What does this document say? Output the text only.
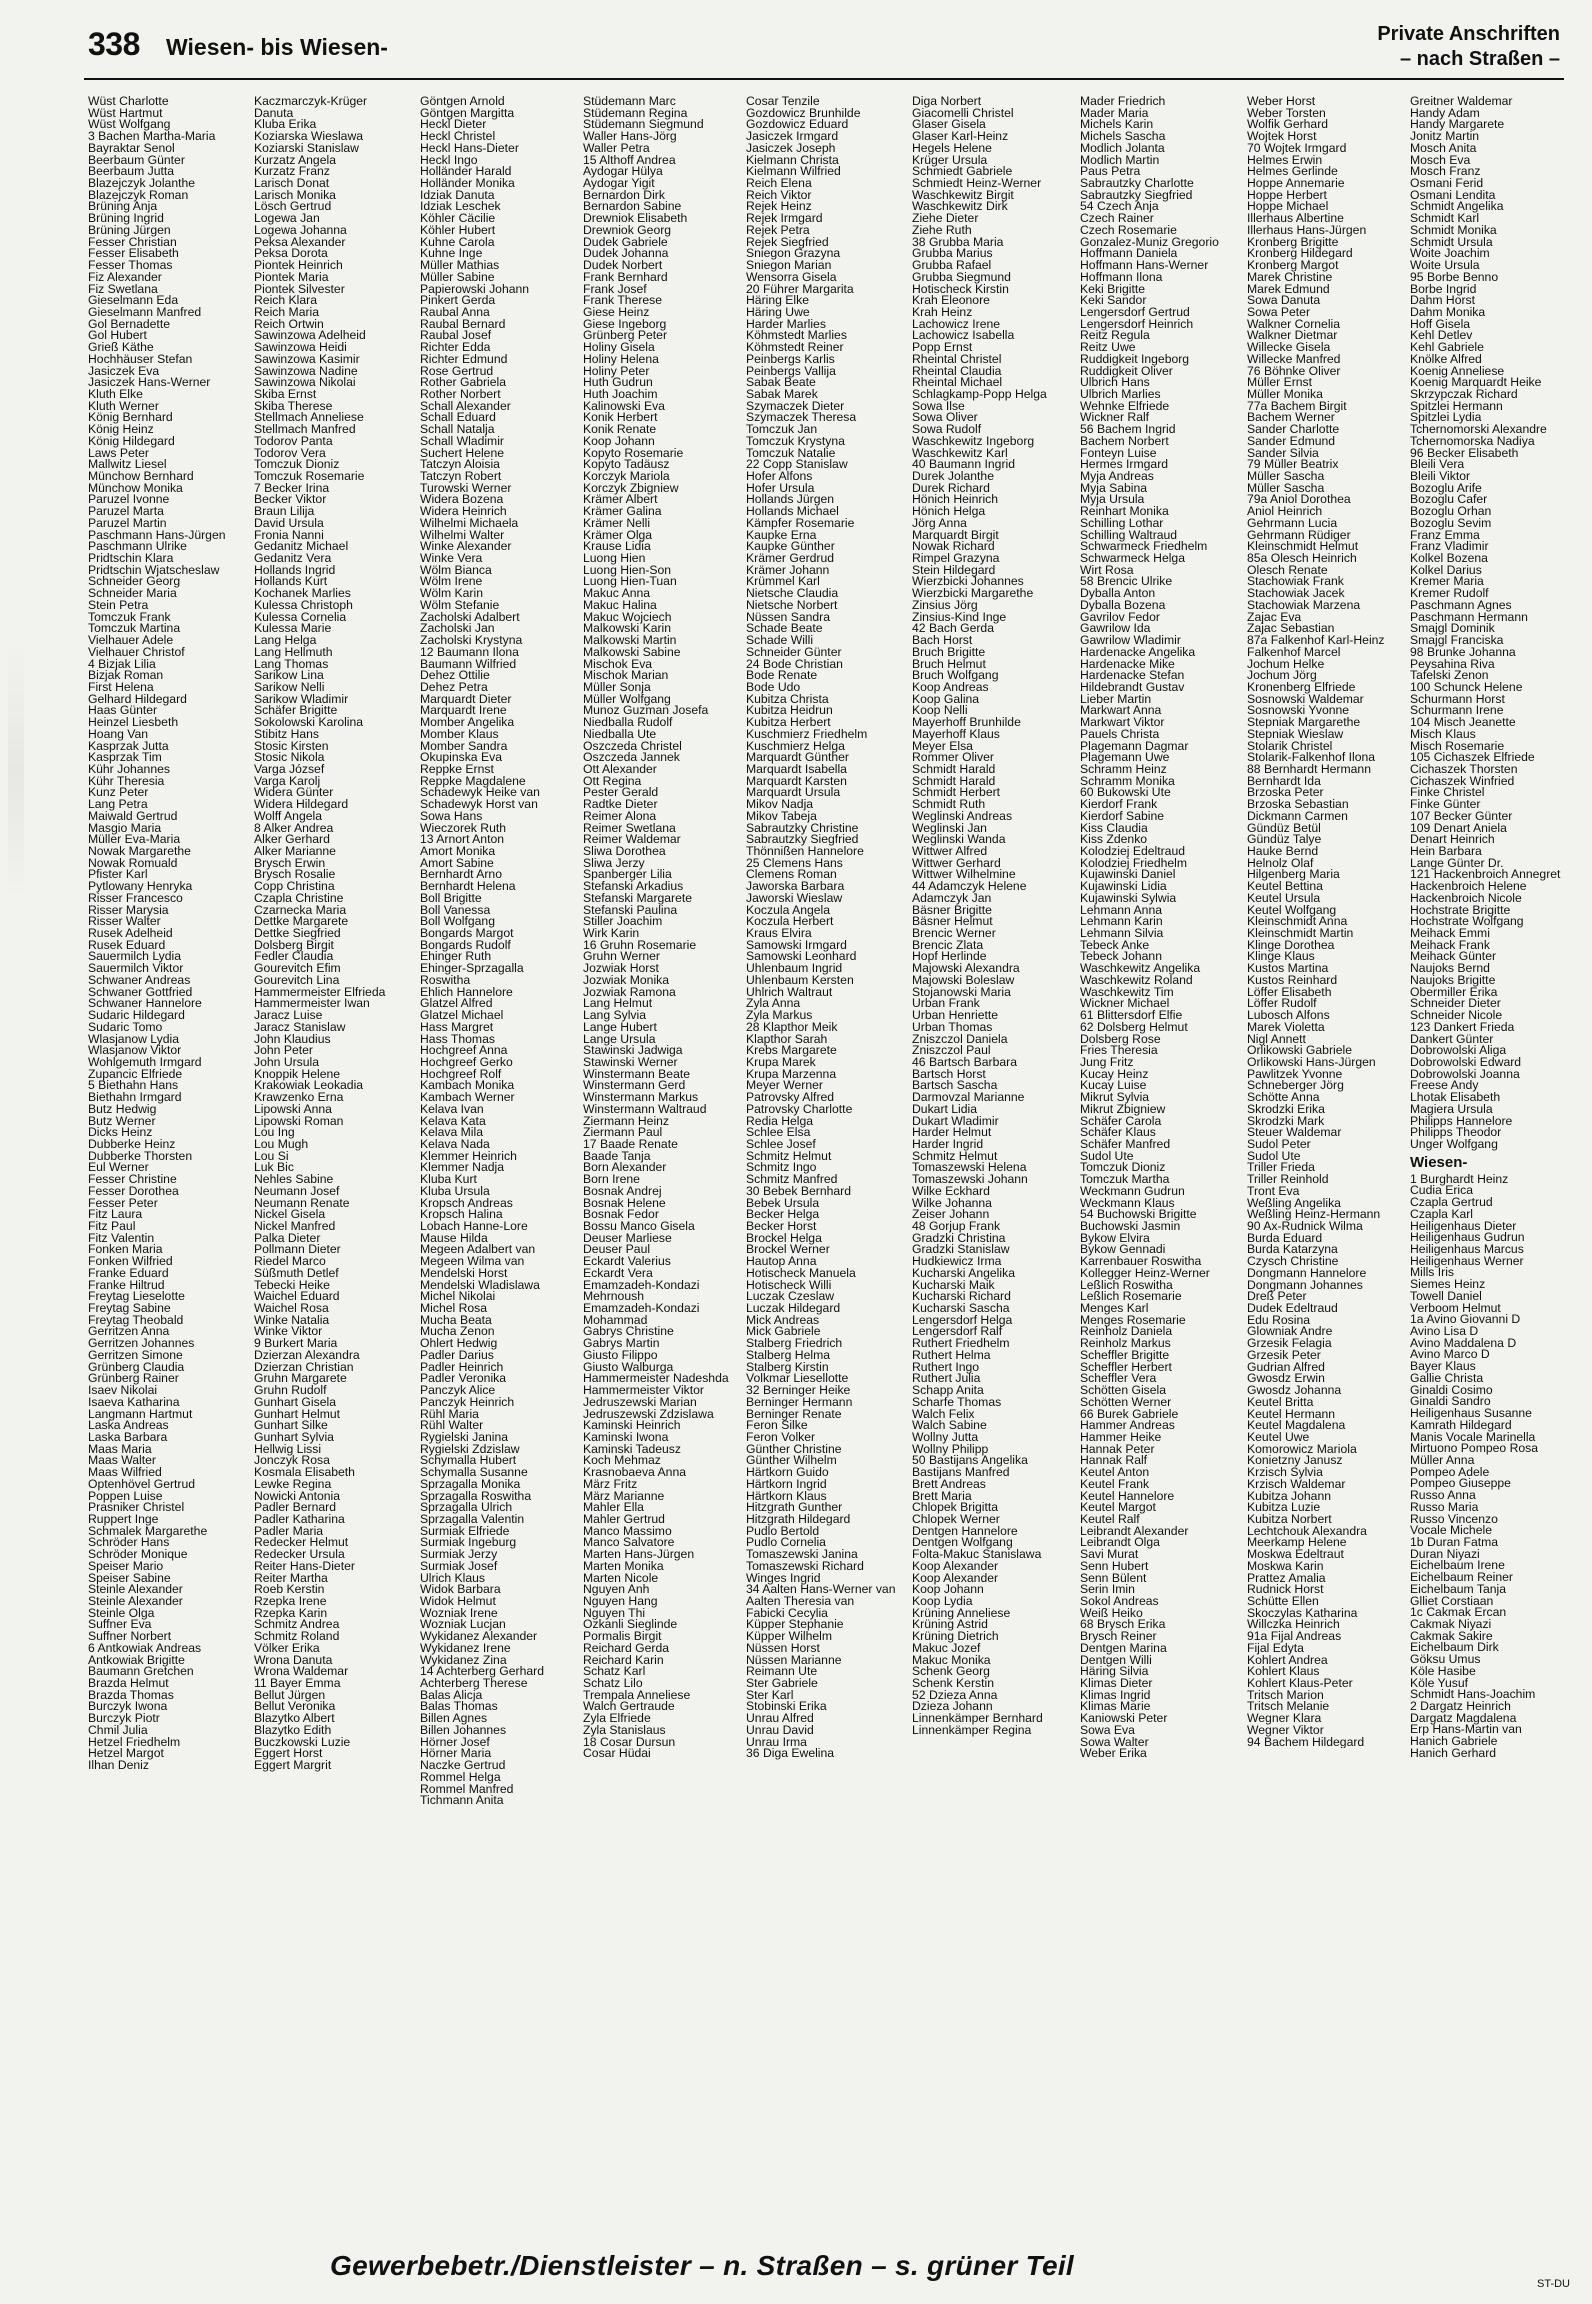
338 Wiesen- bis Wiesen-	Private Anschriften
– nach Straßen –
Wüst Charlotte
Wüst Hartmut
Wüst Wolfgang
3 Bachen Martha-Maria
Bayraktar Senol
Beerbaum Günter
Beerbaum Jutta
Blazejczyk Jolanthe
Blazejczyk Roman
Brüning Anja
Brüning Ingrid
Brüning Jürgen
Fesser Christian
Fesser Elisabeth
Fesser Thomas
Fiz Alexander
Fiz Swetlana
Gieselmann Eda
Gieselmann Manfred
Gol Bernadette
Gol Hubert
Grieß Käthe
Hochhäuser Stefan
Jasiczek Eva
Jasiczek Hans-Werner
Kluth Elke
Kluth Werner
König Bernhard
König Heinz
König Hildegard
Laws Peter
Mallwitz Liesel
Münchow Bernhard
Münchow Monika
Paruzel Ivonne
Paruzel Marta
Paruzel Martin
Paschmann Hans-Jürgen
Paschmann Ulrike
Pridtschin Klara
Pridtschin Wjatscheslaw
Schneider Georg
Schneider Maria
Stein Petra
Tomczuk Frank
Tomczuk Martina
Vielhauer Adele
Vielhauer Christof
4 Bizjak Lilia
Bizjak Roman
First Helena
Gelhard Hildegard
Haas Günter
Heinzel Liesbeth
Hoang Van
Kasprzak Jutta
Kasprzak Tim
Kühr Johannes
Kühr Theresia
Kunz Peter
Lang Petra
Maiwald Gertrud
Masgio Maria
Müller Eva-Maria
Nowak Margarethe
Nowak Romuald
Pfister Karl
Pytlowany Henryka
Risser Francesco
Risser Marysia
Risser Walter
Rusek Adelheid
Rusek Eduard
Sauermilch Lydia
Sauermilch Viktor
Schwaner Andreas
Schwaner Gottfried
Schwaner Hannelore
Sudaric Hildegard
Sudaric Tomo
Wlasjanow Lydia
Wlasjanow Viktor
Wohlgemuth Irmgard
Zupancic Elfriede
5 Biethahn Hans
Biethahn Irmgard
Butz Hedwig
Butz Werner
Dicks Heinz
Dubberke Heinz
Dubberke Thorsten
Eul Werner
Fesser Christine
Fesser Dorothea
Fesser Peter
Fitz Laura
Fitz Paul
Fitz Valentin
Fonken Maria
Fonken Wilfried
Franke Eduard
Franke Hiltrud
Freytag Lieselotte
Freytag Sabine
Freytag Theobald
Gerritzen Anna
Gerritzen Johannes
Gerritzen Simone
Grünberg Claudia
Grünberg Rainer
Isaev Nikolai
Isaeva Katharina
Langmann Hartmut
Laska Andreas
Laska Barbara
Maas Maria
Maas Walter
Maas Wilfried
Optenhövel Gertrud
Poppen Luise
Prasniker Christel
Ruppert Inge
Schmalek Margarethe
Schröder Hans
Schröder Monique
Speiser Mario
Speiser Sabine
Steinle Alexander
Steinle Alexander
Steinle Olga
Suffner Eva
Suffner Norbert
6 Antkowiak Andreas
Antkowiak Brigitte
Baumann Gretchen
Brazda Helmut
Brazda Thomas
Burczyk Iwona
Burczyk Piotr
Chmil Julia
Hetzel Friedhelm
Hetzel Margot
Ilhan Deniz
Kaczmarczyk-Krüger
Danuta
Kluba Erika
Koziarska Wieslawa
Koziarski Stanislaw
Kurzatz Angela
Kurzatz Franz
Larisch Donat
Larisch Monika
Lösch Gertrud
Logewa Jan
Logewa Johanna
Peksa Alexander
Peksa Dorota
Piontek Heinrich
Piontek Maria
Piontek Silvester
Reich Klara
Reich Maria
Reich Ortwin
Sawinzowa Adelheid
Sawinzowa Heidi
Sawinzowa Kasimir
Sawinzowa Nadine
Sawinzowa Nikolai
Skiba Ernst
Skiba Therese
Stellmach Anneliese
Stellmach Manfred
Todorov Panta
Todorov Vera
Tomczuk Dioniz
Tomczuk Rosemarie
7 Becker Irina
Becker Viktor
Braun Lilija
David Ursula
Fronia Nanni
Gedanitz Michael
Gedanitz Vera
Hollands Ingrid
Hollands Kurt
Kochanek Marlies
Kulessa Christoph
Kulessa Cornelia
Kulessa Marie
Lang Helga
Lang Hellmuth
Lang Thomas
Sarikow Lina
Sarikow Nelli
Sarikow Wladimir
Schäfer Brigitte
Sokolowski Karolina
Stibitz Hans
Stosic Kirsten
Stosic Nikola
Varga József
Varga Karolj
Widera Günter
Widera Hildegard
Wolff Angela
8 Alker Andrea
Alker Gerhard
Alker Marianne
Brysch Erwin
Brysch Rosalie
Copp Christina
Czapla Christine
Czarnecka Maria
Dettke Margarete
Dettke Siegfried
Dolsberg Birgit
Fedler Claudia
Gourevitch Efim
Gourevitch Lina
Hammermeister Elfrieda
Hammermeister Iwan
Jaracz Luise
Jaracz Stanislaw
John Klaudius
John Peter
John Ursula
Knoppik Helene
Krakowiak Leokadia
Krawzenko Erna
Lipowski Anna
Lipowski Roman
Lou Ing
Lou Mugh
Lou Si
Luk Bic
Nehles Sabine
Neumann Josef
Neumann Renate
Nickel Gisela
Nickel Manfred
Palka Dieter
Pollmann Dieter
Riedel Marco
Süßmuth Detlef
Tebecki Heike
Waichel Eduard
Waichel Rosa
Winke Natalia
Winke Viktor
9 Burkert Maria
Dzierzan Alexandra
Dzierzan Christian
Gruhn Margarete
Gruhn Rudolf
Gunhart Gisela
Gunhart Helmut
Gunhart Silke
Gunhart Sylvia
Hellwig Lissi
Jonczyk Rosa
Kosmala Elisabeth
Lewke Regina
Nowicki Antonia
Padler Bernard
Padler Katharina
Padler Maria
Redecker Helmut
Redecker Ursula
Reiter Hans-Dieter
Reiter Martha
Roeb Kerstin
Rzepka Irene
Rzepka Karin
Schmitz Andrea
Schmitz Roland
Völker Erika
Wrona Danuta
Wrona Waldemar
11 Bayer Emma
Bellut Jürgen
Bellut Veronika
Blazytko Albert
Blazytko Edith
Buczkowski Luzie
Eggert Horst
Eggert Margrit
Göntgen Arnold
Göntgen Margitta
Heckl Dieter
Heckl Christel
Heckl Hans-Dieter
Heckl Ingo
Holländer Harald
Holländer Monika
Idziak Danuta
Idziak Leschek
Köhler Cäcilie
Köhler Hubert
Kuhne Carola
Kuhne Inge
Müller Mathias
Müller Sabine
Papierowski Johann
Pinkert Gerda
Raubal Anna
Raubal Bernard
Raubal Josef
Richter Edda
Richter Edmund
Rose Gertrud
Rother Gabriela
Rother Norbert
Schall Alexander
Schall Eduard
Schall Natalja
Schall Wladimir
Suchert Helene
Tatczyn Aloisia
Tatczyn Robert
Turowski Werner
Widera Bozena
Widera Heinrich
Wilhelmi Michaela
Wilhelmi Walter
Winke Alexander
Winke Vera
Wölm Bianca
Wölm Irene
Wölm Karin
Wölm Stefanie
Zacholski Adalbert
Zacholski Jan
Zacholski Krystyna
12 Baumann Ilona
Baumann Wilfried
Dehez Ottilie
Dehez Petra
Marquardt Dieter
Marquardt Irene
Momber Angelika
Momber Klaus
Momber Sandra
Okupinska Eva
Reppke Ernst
Reppke Magdalene
Schadewyk Heike van
Schadewyk Horst van
Sowa Hans
Wieczorek Ruth
13 Arnort Anton
Amort Monika
Amort Sabine
Bernhardt Arno
Bernhardt Helena
Boll Brigitte
Boll Vanessa
Boll Wolfgang
Bongards Margot
Bongards Rudolf
Ehinger Ruth
Ehinger-Sprzagalla
Roswitha
Ehlich Hannelore
Glatzel Alfred
Glatzel Michael
Hass Margret
Hass Thomas
Hochgreef Anna
Hochgreef Gerko
Hochgreef Rolf
Kambach Monika
Kambach Werner
Kelava Ivan
Kelava Kata
Kelava Mila
Kelava Nada
Klemmer Heinrich
Klemmer Nadja
Kluba Kurt
Kluba Ursula
Kropsch Andreas
Kropsch Halina
Lobach Hanne-Lore
Mause Hilda
Megeen Adalbert van
Megeen Wilma van
Mendelski Horst
Mendelski Wladislawa
Michel Nikolai
Michel Rosa
Mucha Beata
Mucha Zenon
Ohlert Hedwig
Padler Darius
Padler Heinrich
Padler Veronika
Panczyk Alice
Panczyk Heinrich
Rühl Maria
Rühl Walter
Rygielski Janina
Rygielski Zdzislaw
Schymalla Hubert
Schymalla Susanne
Sprzagalla Monika
Sprzagalla Roswitha
Sprzagalla Ulrich
Sprzagalla Valentin
Surmiak Elfriede
Surmiak Ingeburg
Surmiak Jerzy
Surmiak Josef
Ulrich Klaus
Widok Barbara
Widok Helmut
Wozniak Irene
Wozniak Lucjan
Wykidanez Alexander
Wykidanez Irene
Wykidanez Zina
14 Achterberg Gerhard
Achterberg Therese
Balas Alicja
Balas Thomas
Billen Agnes
Billen Johannes
Hörner Josef
Hörner Maria
Naczke Gertrud
Rommel Helga
Rommel Manfred
Tichmann Anita
Stüdemann Marc
Stüdemann Regina
Stüdemann Siegmund
Waller Hans-Jörg
Waller Petra
15 Althoff Andrea
Aydogar Hülya
Aydogar Yigit
Bernardon Dirk
Bernardon Sabine
Drewniok Elisabeth
Drewniok Georg
Dudek Gabriele
Dudek Johanna
Dudek Norbert
Frank Bernhard
Frank Josef
Frank Therese
Giese Heinz
Giese Ingeborg
Grünberg Peter
Holiny Gisela
Holiny Helena
Holiny Peter
Huth Gudrun
Huth Joachim
Kalinowski Eva
Konik Herbert
Konik Renate
Koop Johann
Kopyto Rosemarie
Kopyto Tadäusz
Korczyk Mariola
Korczyk Zbigniew
Krämer Albert
Krämer Galina
Krämer Nelli
Krämer Olga
Krause Lidia
Luong Hien
Luong Hien-Son
Luong Hien-Tuan
Makuc Anna
Makuc Halina
Makuc Wojciech
Malkowski Karin
Malkowski Martin
Malkowski Sabine
Mischok Eva
Mischok Marian
Müller Sonja
Müller Wolfgang
Munoz Guzman Josefa
Niedballa Rudolf
Niedballa Ute
Oszczeda Christel
Oszczeda Jannek
Ott Alexander
Ott Regina
Pester Gerald
Radtke Dieter
Reimer Alona
Reimer Swetlana
Reimer Waldemar
Sliwa Dorothea
Sliwa Jerzy
Spanberger Lilia
Stefanski Arkadius
Stefanski Margarete
Stefanski Paulina
Stiller Joachim
Wirk Karin
16 Gruhn Rosemarie
Gruhn Werner
Jozwiak Horst
Jozwiak Monika
Jozwiak Ramona
Lang Helmut
Lang Sylvia
Lange Hubert
Lange Ursula
Stawinski Jadwiga
Stawinski Werner
Winstermann Beate
Winstermann Gerd
Winstermann Markus
Winstermann Waltraud
Ziermann Heinz
Ziermann Paul
17 Baade Renate
Baade Tanja
Born Alexander
Born Irene
Bosnak Andrej
Bosnak Helene
Bosnak Fedor
Bossu Manco Gisela
Deuser Marliese
Deuser Paul
Eckardt Valerius
Eckardt Vera
Emamzadeh-Kondazi
Mehrnoush
Emamzadeh-Kondazi
Mohammad
Gabrys Christine
Gabrys Martin
Giusto Filippo
Giusto Walburga
Hammermeister Nadeshda
Hammermeister Viktor
Jedruszewski Marian
Jedruszewski Zdzislawa
Kaminski Heinrich
Kaminski Iwona
Kaminski Tadeusz
Koch Mehmaz
Krasnobaeva Anna
März Fritz
März Marianne
Mahler Ella
Mahler Gertrud
Manco Massimo
Manco Salvatore
Marten Hans-Jürgen
Marten Monika
Marten Nicole
Nguyen Anh
Nguyen Hang
Nguyen Thi
Ozkanli Sieglinde
Pormalis Birgit
Reichard Gerda
Reichard Karin
Schatz Karl
Schatz Lilo
Trempala Anneliese
Walch Gertraude
Zyla Elfriede
Zyla Stanislaus
18 Cosar Dursun
Cosar Hüdai
Cosar Tenzile
Gozdowicz Brunhilde
Gozdowicz Eduard
Jasiczek Irmgard
Jasiczek Joseph
Kielmann Christa
Kielmann Wilfried
Reich Elena
Reich Viktor
Rejek Heinz
Rejek Irmgard
Rejek Petra
Rejek Siegfried
Sniegon Grazyna
Sniegon Marian
Wensorra Gisela
20 Führer Margarita
Häring Elke
Häring Uwe
Harder Marlies
Köhmstedt Marlies
Köhmstedt Reiner
Peinbergs Karlis
Peinbergs Vallija
Sabak Beate
Sabak Marek
Szymaczek Dieter
Szymaczek Theresa
Tomczuk Jan
Tomczuk Krystyna
Tomczuk Natalie
22 Copp Stanislaw
Hofer Alfons
Hofer Ursula
Hollands Jürgen
Hollands Michael
Kämpfer Rosemarie
Kaupke Erna
Kaupke Günther
Krämer Gerdrud
Krämer Johann
Krümmel Karl
Nietsche Claudia
Nietsche Norbert
Nüssen Sandra
Schade Beate
Schade Willi
Schneider Günter
24 Bode Christian
Bode Renate
Bode Udo
Kubitza Christa
Kubitza Heidrun
Kubitza Herbert
Kuschmierz Friedhelm
Kuschmierz Helga
Marquardt Günther
Marquardt Isabella
Marquardt Karsten
Marquardt Ursula
Mikov Nadja
Mikov Tabeja
Sabrautzky Christine
Sabrautzky Siegfried
Thönnißen Hannelore
25 Clemens Hans
Clemens Roman
Jaworska Barbara
Jaworski Wieslaw
Koczula Angela
Koczula Herbert
Kraus Elvira
Samowski Irmgard
Samowski Leonhard
Uhlenbaum Ingrid
Uhlenbaum Kersten
Uhlrich Waltraut
Zyla Anna
Zyla Markus
28 Klapthor Meik
Klapthor Sarah
Krebs Margarete
Krupa Marek
Krupa Marzenna
Meyer Werner
Patrovsky Alfred
Patrovsky Charlotte
Redia Helga
Schlee Elsa
Schlee Josef
Schmitz Helmut
Schmitz Ingo
Schmitz Manfred
30 Bebek Bernhard
Bebek Ursula
Becker Helga
Becker Horst
Brockel Helga
Brockel Werner
Hautop Anna
Hotischeck Manuela
Hotischeck Willi
Luczak Czeslaw
Luczak Hildegard
Mick Andreas
Mick Gabriele
Stalberg Friedrich
Stalberg Helma
Stalberg Kirstin
Volkmar Liesellotte
32 Berninger Heike
Berninger Hermann
Berninger Renate
Feron Silke
Feron Volker
Günther Christine
Günther Wilhelm
Härtkorn Guido
Härtkorn Ingrid
Härtkorn Klaus
Hitzgrath Gunther
Hitzgrath Hildegard
Pudlo Bertold
Pudlo Cornelia
Tomaszewski Janina
Tomaszewski Richard
Winges Ingrid
34 Aalten Hans-Werner van
Aalten Theresia van
Fabicki Cecylia
Küpper Stephanie
Küpper Wilhelm
Nüssen Horst
Nüssen Marianne
Reimann Ute
Ster Gabriele
Ster Karl
Stobinski Erika
Unrau Alfred
Unrau David
Unrau Irma
36 Diga Ewelina
Diga Norbert
Giacomelli Christel
Glaser Gisela
Glaser Karl-Heinz
Hegels Helene
Krüger Ursula
Schmiedt Gabriele
Schmiedt Heinz-Werner
Waschkewitz Birgit
Waschkewitz Dirk
Ziehe Dieter
Ziehe Ruth
38 Grubba Maria
Grubba Marius
Grubba Rafael
Grubba Siegmund
Hotischeck Kirstin
Krah Eleonore
Krah Heinz
Lachowicz Irene
Lachowicz Isabella
Popp Ernst
Rheintal Christel
Rheintal Claudia
Rheintal Michael
Schlagkamp-Popp Helga
Sowa Ilse
Sowa Oliver
Sowa Rudolf
Waschkewitz Ingeborg
Waschkewitz Karl
40 Baumann Ingrid
Durek Jolanthe
Durek Richard
Hönich Heinrich
Hönich Helga
Jörg Anna
Marquardt Birgit
Nowak Richard
Rimpel Grazyna
Stein Hildegard
Wierzbicki Johannes
Wierzbicki Margarethe
Zinsius Jörg
Zinsius-Kind Inge
42 Bach Gerda
Bach Horst
Bruch Brigitte
Bruch Helmut
Bruch Wolfgang
Koop Andreas
Koop Galina
Koop Nelli
Mayerhoff Brunhilde
Mayerhoff Klaus
Meyer Elsa
Rommer Oliver
Schmidt Harald
Schmidt Harald
Schmidt Herbert
Schmidt Ruth
Weglinski Andreas
Weglinski Jan
Weglinski Wanda
Wittwer Alfred
Wittwer Gerhard
Wittwer Wilhelmine
44 Adamczyk Helene
Adamczyk Jan
Bäsner Brigitte
Bäsner Helmut
Brencic Werner
Brencic Zlata
Hopf Herlinde
Majowski Alexandra
Majowski Boleslaw
Stojanowski Maria
Urban Frank
Urban Henriette
Urban Thomas
Zniszczol Daniela
Zniszczol Paul
46 Bartsch Barbara
Bartsch Horst
Bartsch Sascha
Darmovzal Marianne
Dukart Lidia
Dukart Wladimir
Harder Helmut
Harder Ingrid
Schmitz Helmut
Tomaszewski Helena
Tomaszewski Johann
Wilke Eckhard
Wilke Johanna
Zeiser Johann
48 Gorjup Frank
Gradzki Christina
Gradzki Stanislaw
Hudkiewicz Irma
Kucharski Angelika
Kucharski Maik
Kucharski Richard
Kucharski Sascha
Lengersdorf Helga
Lengersdorf Ralf
Ruthert Friedhelm
Ruthert Helma
Ruthert Ingo
Ruthert Julia
Schapp Anita
Scharfe Thomas
Walch Felix
Walch Sabine
Wollny Jutta
Wollny Philipp
50 Bastijans Angelika
Bastijans Manfred
Brett Andreas
Brett Maria
Chlopek Brigitta
Chlopek Werner
Dentgen Hannelore
Dentgen Wolfgang
Folta-Makuc Stanislawa
Koop Alexander
Koop Alexander
Koop Johann
Koop Lydia
Krüning Anneliese
Krüning Astrid
Krüning Dietrich
Makuc Jozef
Makuc Monika
Schenk Georg
Schenk Kerstin
52 Dzieza Anna
Dzieza Johann
Linnenkämper Bernhard
Linnenkämper Regina
Mader Friedrich
Mader Maria
Michels Karin
Michels Sascha
Modlich Jolanta
Modlich Martin
Paus Petra
Sabrautzky Charlotte
Sabrautzky Siegfried
54 Czech Anja
Czech Rainer
Czech Rosemarie
Gonzalez-Muniz Gregorio
Hoffmann Daniela
Hoffmann Hans-Werner
Hoffmann Ilona
Keki Brigitte
Keki Sandor
Lengersdorf Gertrud
Lengersdorf Heinrich
Reitz Regula
Reitz Uwe
Ruddigkeit Ingeborg
Ruddigkeit Oliver
Ulbrich Hans
Ulbrich Marlies
Wehnke Elfriede
Wickner Ralf
56 Bachem Ingrid
Bachem Norbert
Fonteyn Luise
Hermes Irmgard
Myja Andreas
Myja Sabina
Myja Ursula
Reinhart Monika
Schilling Lothar
Schilling Waltraud
Schwarmeck Friedhelm
Schwarmeck Helga
Wirt Rosa
58 Brencic Ulrike
Dyballa Anton
Dyballa Bozena
Gavrilov Fedor
Gawrilow Ida
Gawrilow Wladimir
Hardenacke Angelika
Hardenacke Mike
Hardenacke Stefan
Hildebrandt Gustav
Lieber Martin
Markwart Anna
Markwart Viktor
Pauels Christa
Plagemann Dagmar
Plagemann Uwe
Schramm Heinz
Schramm Monika
60 Bukowski Ute
Kierdorf Frank
Kierdorf Sabine
Kiss Claudia
Kiss Zdenko
Kolodziej Edeltraud
Kolodziej Friedhelm
Kujawinski Daniel
Kujawinski Lidia
Kujawinski Sylwia
Lehmann Anna
Lehmann Karin
Lehmann Silvia
Tebeck Anke
Tebeck Johann
Waschkewitz Angelika
Waschkewitz Roland
Waschkewitz Tim
Wickner Michael
61 Blittersdorf Elfie
62 Dolsberg Helmut
Dolsberg Rose
Fries Theresia
Jung Fritz
Kucay Heinz
Kucay Luise
Mikrut Sylvia
Mikrut Zbigniew
Schäfer Carola
Schäfer Klaus
Schäfer Manfred
Sudol Ute
Tomczuk Dioniz
Tomczuk Martha
Weckmann Gudrun
Weckmann Klaus
54 Buchowski Brigitte
Buchowski Jasmin
Bykow Elvira
Bykow Gennadi
Karrenbauer Roswitha
Kollegger Heinz-Werner
Leßlich Roswitha
Leßlich Rosemarie
Menges Karl
Menges Rosemarie
Reinholz Daniela
Reinholz Markus
Scheffler Brigitte
Scheffler Herbert
Scheffler Vera
Schötten Gisela
Schötten Werner
66 Burek Gabriele
Hammer Andreas
Hammer Heike
Hannak Peter
Hannak Ralf
Keutel Anton
Keutel Frank
Keutel Hannelore
Keutel Margot
Keutel Ralf
Leibrandt Alexander
Leibrandt Olga
Savi Murat
Senn Hubert
Senn Bülent
Serin Imin
Sokol Andreas
Weiß Heiko
68 Brysch Erika
Brysch Reiner
Dentgen Marina
Dentgen Willi
Häring Silvia
Klimas Dieter
Klimas Ingrid
Klimas Marie
Kaniowski Peter
Sowa Eva
Sowa Walter
Weber Erika
Weber Horst
Weber Torsten
Wolfik Gerhard
Wojtek Horst
70 Wojtek Irmgard
Helmes Erwin
Helmes Gerlinde
Hoppe Annemarie
Hoppe Herbert
Hoppe Michael
Illerhaus Albertine
Illerhaus Hans-Jürgen
Kronberg Brigitte
Kronberg Hildegard
Kronberg Margot
Marek Christine
Marek Edmund
Sowa Danuta
Sowa Peter
Walkner Cornelia
Walkner Dietmar
Willecke Gisela
Willecke Manfred
76 Böhnke Oliver
Müller Ernst
Müller Monika
77a Bachem Birgit
Bachem Werner
Sander Charlotte
Sander Edmund
Sander Silvia
79 Müller Beatrix
Müller Sascha
Müller Sascha
79a Aniol Dorothea
Aniol Heinrich
Gehrmann Lucia
Gehrmann Rüdiger
Kleinschmidt Helmut
85a Olesch Heinrich
Olesch Renate
Stachowiak Frank
Stachowiak Jacek
Stachowiak Marzena
Zajac Eva
Zajac Sebastian
87a Falkenhof Karl-Heinz
Falkenhof Marcel
Jochum Helke
Jochum Jörg
Kronenberg Elfriede
Sosnowski Waldemar
Sosnowski Yvonne
Stepniak Margarethe
Stepniak Wieslaw
Stolarik Christel
Stolarik-Falkenhof Ilona
88 Bernhardt Hermann
Bernhardt Ida
Brzoska Peter
Brzoska Sebastian
Dickmann Carmen
Gündüz Betül
Gündüz Talye
Hauke Bernd
Helnolz Olaf
Hilgenberg Maria
Keutel Bettina
Keutel Ursula
Keutel Wolfgang
Kleinschmidt Anna
Kleinschmidt Martin
Klinge Dorothea
Klinge Klaus
Kustos Martina
Kustos Reinhard
Löffer Elisabeth
Löffer Rudolf
Lubosch Alfons
Marek Violetta
Nigl Annett
Orlikowski Gabriele
Orlikowski Hans-Jürgen
Pawlitzek Yvonne
Schneberger Jörg
Schötte Anna
Skrodzki Erika
Skrodzki Mark
Steuer Waldemar
Sudol Peter
Sudol Ute
Triller Frieda
Triller Reinhold
Tront Eva
Weßling Angelika
Weßling Heinz-Hermann
90 Ax-Rudnick Wilma
Burda Eduard
Burda Katarzyna
Czysch Christine
Dongmann Hannelore
Dongmann Johannes
Dreß Peter
Dudek Edeltraud
Edu Rosina
Glowniak Andre
Grzesik Felagia
Grzesik Peter
Gudrian Alfred
Gwosdz Erwin
Gwosdz Johanna
Keutel Britta
Keutel Hermann
Keutel Magdalena
Keutel Uwe
Komorowicz Mariola
Konietzny Janusz
Krzisch Sylvia
Krzisch Waldemar
Kubitza Johann
Kubitza Luzie
Kubitza Norbert
Lechtchouk Alexandra
Meerkamp Helene
Moskwa Edeltraut
Moskwa Karin
Prattez Amalia
Rudnick Horst
Schütte Ellen
Skoczylas Katharina
Willczka Heinrich
91a Fijal Andreas
Fijal Edyta
Kohlert Andrea
Kohlert Klaus
Kohlert Klaus-Peter
Tritsch Marion
Tritsch Melanie
Wegner Klara
Wegner Viktor
94 Bachem Hildegard
Greitner Waldemar
Handy Adam
Handy Margarete
Jonitz Martin
Mosch Anita
Mosch Eva
Mosch Franz
Osmani Ferid
Osmani Lendita
Schmidt Angelika
Schmidt Karl
Schmidt Monika
Schmidt Ursula
Woite Joachim
Woite Ursula
95 Borbe Benno
Borbe Ingrid
Dahm Horst
Dahm Monika
Hoff Gisela
Kehl Detlev
Kehl Gabriele
Knölke Alfred
Koenig Anneliese
Koenig Marquardt Heike
Skrzypczak Richard
Spitzlei Hermann
Spitzlei Lydia
Tchernomorski Alexandre
Tchernomorska Nadiya
96 Becker Elisabeth
Bleili Vera
Bleili Viktor
Bozoglu Arife
Bozoglu Cafer
Bozoglu Orhan
Bozoglu Sevim
Franz Emma
Franz Vladimir
Kolkel Bozena
Kolkel Darius
Kremer Maria
Kremer Rudolf
Paschmann Agnes
Paschmann Hermann
Smajgl Dominik
Smajgl Franciska
98 Brunke Johanna
Peysahina Riva
Tafelski Zenon
100 Schunck Helene
Schurmann Horst
Schurmann Irene
104 Misch Jeanette
Misch Klaus
Misch Rosemarie
105 Cichaszek Elfriede
Cichaszek Thorsten
Cichaszek Winfried
Finke Christel
Finke Günter
107 Becker Günter
109 Denart Aniela
Denart Heinrich
Hein Barbara
Lange Günter Dr.
121 Hackenbroich Annegret
Hackenbroich Helene
Hackenbroich Nicole
Hochstrate Brigitte
Hochstrate Wolfgang
Meihack Emmi
Meihack Frank
Meihack Günter
Naujoks Bernd
Naujoks Brigitte
Obermiller Erika
Schneider Dieter
Schneider Nicole
123 Dankert Frieda
Dankert Günter
Dobrowolski Aliga
Dobrowolski Edward
Dobrowolski Joanna
Freese Andy
Lhotak Elisabeth
Magiera Ursula
Philipps Hannelore
Philipps Theodor
Unger Wolfgang
Wiesen-
1 Burghardt Heinz
Cudia Erica
Czapla Gertrud
Czapla Karl
Heiligenhaus Dieter
Heiligenhaus Gudrun
Heiligenhaus Marcus
Heiligenhaus Werner
Mills Iris
Siemes Heinz
Towell Daniel
Verboom Helmut
1a Avino Giovanni D
Avino Lisa D
Avino Maddalena D
Avino Marco D
Bayer Klaus
Gallie Christa
Ginaldi Cosimo
Ginaldi Sandro
Heiligenhaus Susanne
Kamrath Hildegard
Manis Vocale Marinella
Mirtuono Pompeo Rosa
Müller Anna
Pompeo Adele
Pompeo Giuseppe
Russo Anna
Russo Maria
Russo Vincenzo
Vocale Michele
1b Duran Fatma
Duran Niyazi
Eichelbaum Irene
Eichelbaum Reiner
Eichelbaum Tanja
Glliet Corstiaan
1c Cakmak Ercan
Cakmak Niyazi
Cakmak Sakire
Eichelbaum Dirk
Göksu Umus
Köle Hasibe
Köle Yusuf
Schmidt Hans-Joachim
2 Dargatz Heinrich
Dargatz Magdalena
Erp Hans-Martin van
Hanich Gabriele
Hanich Gerhard
Gewerbebetr./Dienstleister – n. Straßen – s. grüner Teil
ST-DU
